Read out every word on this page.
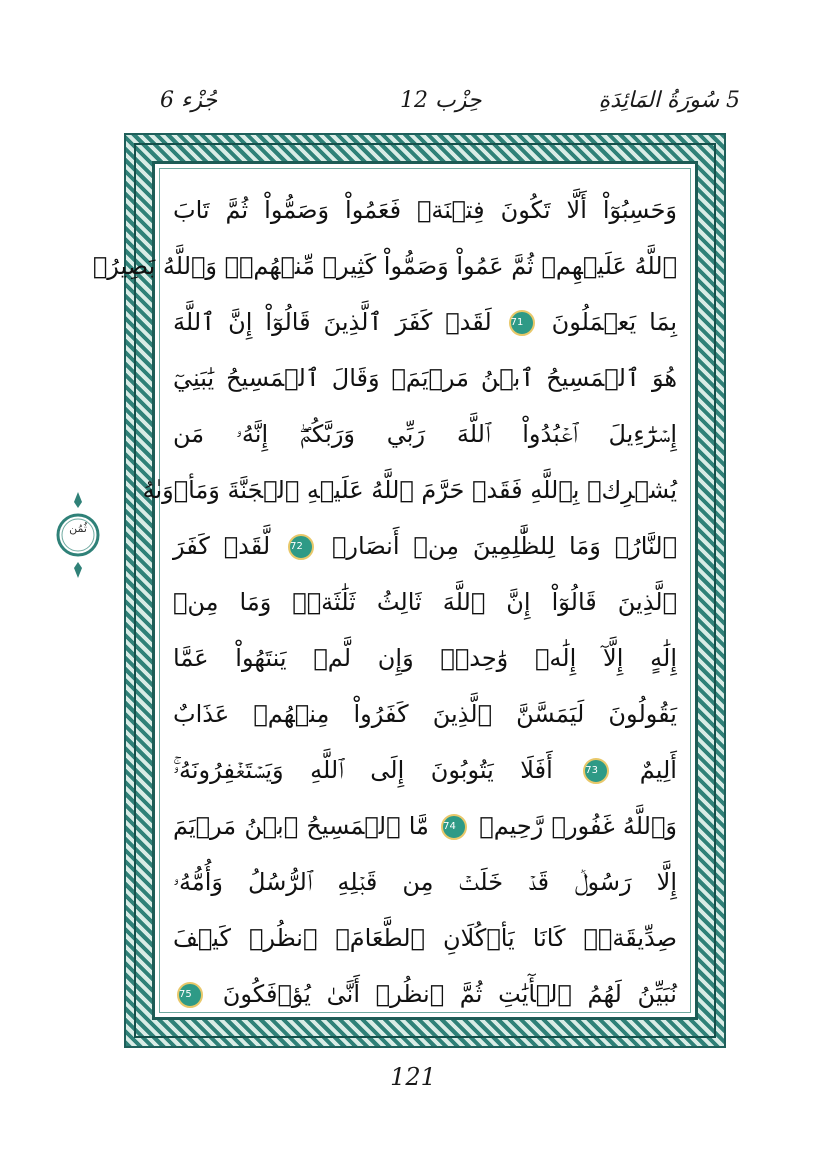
جُزْء 6	حِزْب 12	5 سُورَةُ المَائِدَةِ
وَحَسِبُوٓاْ أَلَّا تَكُونَ فِتۡنَةٞ فَعَمُواْ وَصَمُّواْ ثُمَّ تَابَ
ٱللَّهُ عَلَيۡهِمۡ ثُمَّ عَمُواْ وَصَمُّواْ كَثِيرٞ مِّنۡهُمۡۚ وَٱللَّهُ بَصِيرُۢ
بِمَا يَعۡمَلُونَ 71 لَقَدۡ كَفَرَ ٱلَّذِينَ قَالُوٓاْ إِنَّ ٱللَّهَ
هُوَ ٱلۡمَسِيحُ ٱبۡنُ مَرۡيَمَۖ وَقَالَ ٱلۡمَسِيحُ يَٰبَنِيٓ
إِسۡرَٰٓءِيلَ ٱعۡبُدُواْ ٱللَّهَ رَبِّي وَرَبَّكُمۡۖ إِنَّهُۥ مَن
يُشۡرِكۡ بِٱللَّهِ فَقَدۡ حَرَّمَ ٱللَّهُ عَلَيۡهِ ٱلۡجَنَّةَ وَمَأۡوَىٰهُ
ٱلنَّارُۖ وَمَا لِلظَّٰلِمِينَ مِنۡ أَنصَارٖ 72 لَّقَدۡ كَفَرَ
ٱلَّذِينَ قَالُوٓاْ إِنَّ ٱللَّهَ ثَالِثُ ثَلَٰثَةٖۘ وَمَا مِنۡ
إِلَٰهٍ إِلَّآ إِلَٰهٞ وَٰحِدٞۚ وَإِن لَّمۡ يَنتَهُواْ عَمَّا
يَقُولُونَ لَيَمَسَّنَّ ٱلَّذِينَ كَفَرُواْ مِنۡهُمۡ عَذَابٌ
أَلِيمٌ 73 أَفَلَا يَتُوبُونَ إِلَى ٱللَّهِ وَيَسۡتَغۡفِرُونَهُۥۚ
وَٱللَّهُ غَفُورٞ رَّحِيمٞ 74 مَّا ٱلۡمَسِيحُ ٱبۡنُ مَرۡيَمَ
إِلَّا رَسُولٞ قَدۡ خَلَتۡ مِن قَبۡلِهِ ٱلرُّسُلُ وَأُمُّهُۥ
صِدِّيقَةٞۖ كَانَا يَأۡكُلَانِ ٱلطَّعَامَۗ ٱنظُرۡ كَيۡفَ
نُبَيِّنُ لَهُمُ ٱلۡأٓيَٰتِ ثُمَّ ٱنظُرۡ أَنَّىٰ يُؤۡفَكُونَ 75
ثُمُن
121
